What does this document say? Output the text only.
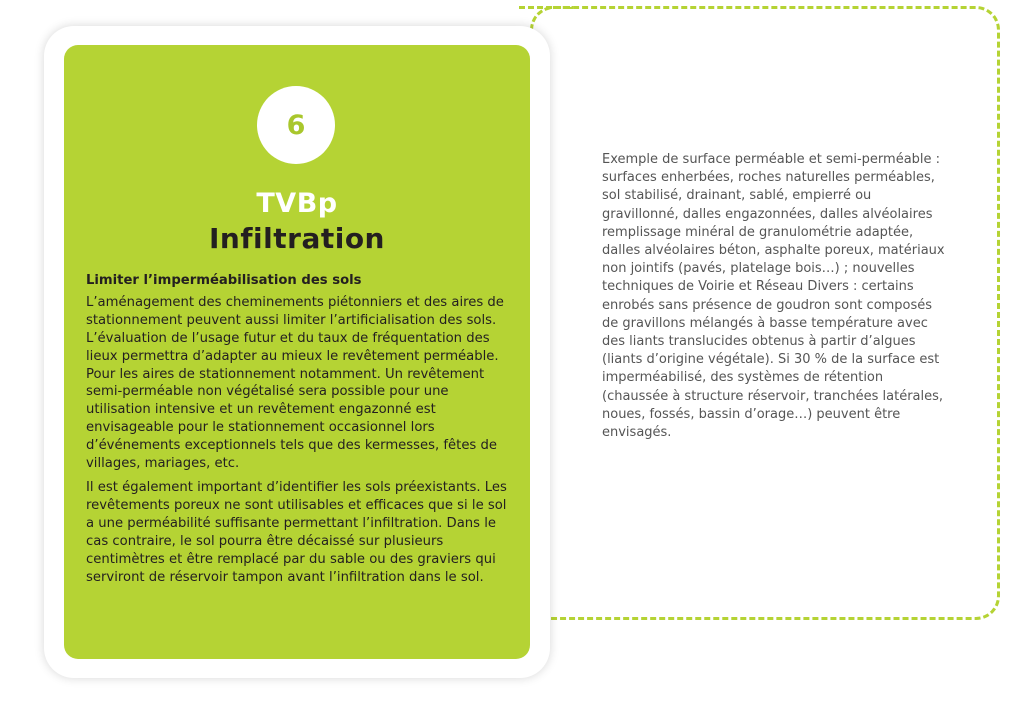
6
TVBp
Infiltration
Limiter l’imperméabilisation des sols

L’aménagement des cheminements piétonniers et des aires de stationnement peuvent aussi limiter l’artificialisation des sols. L’évaluation de l’usage futur et du taux de fréquentation des lieux permettra d’adapter au mieux le revêtement perméable. Pour les aires de stationnement notamment. Un revêtement semi-perméable non végétalisé sera possible pour une utilisation intensive et un revêtement engazonné est envisageable pour le stationnement occasionnel lors d’événements exceptionnels tels que des kermesses, fêtes de villages, mariages, etc.

Il est également important d’identifier les sols préexistants. Les revêtements poreux ne sont utilisables et efficaces que si le sol a une perméabilité suffisante permettant l’infiltration. Dans le cas contraire, le sol pourra être décaissé sur plusieurs centimètres et être remplacé par du sable ou des graviers qui serviront de réservoir tampon avant l’infiltration dans le sol.

Exemple de surface perméable et semi-perméable : surfaces enherbées, roches naturelles perméables, sol stabilisé, drainant, sablé, empierré ou gravillonné, dalles engazonnées, dalles alvéolaires remplissage minéral de granulométrie adaptée, dalles alvéolaires béton, asphalte poreux, matériaux non jointifs (pavés, platelage bois…) ; nouvelles techniques de Voirie et Réseau Divers : certains enrobés sans présence de goudron sont composés de gravillons mélangés à basse température avec des liants translucides obtenus à partir d’algues (liants d’origine végétale). Si 30 % de la surface est imperméabilisé, des systèmes de rétention (chaussée à structure réservoir, tranchées latérales, noues, fossés, bassin d’orage…) peuvent être envisagés.
